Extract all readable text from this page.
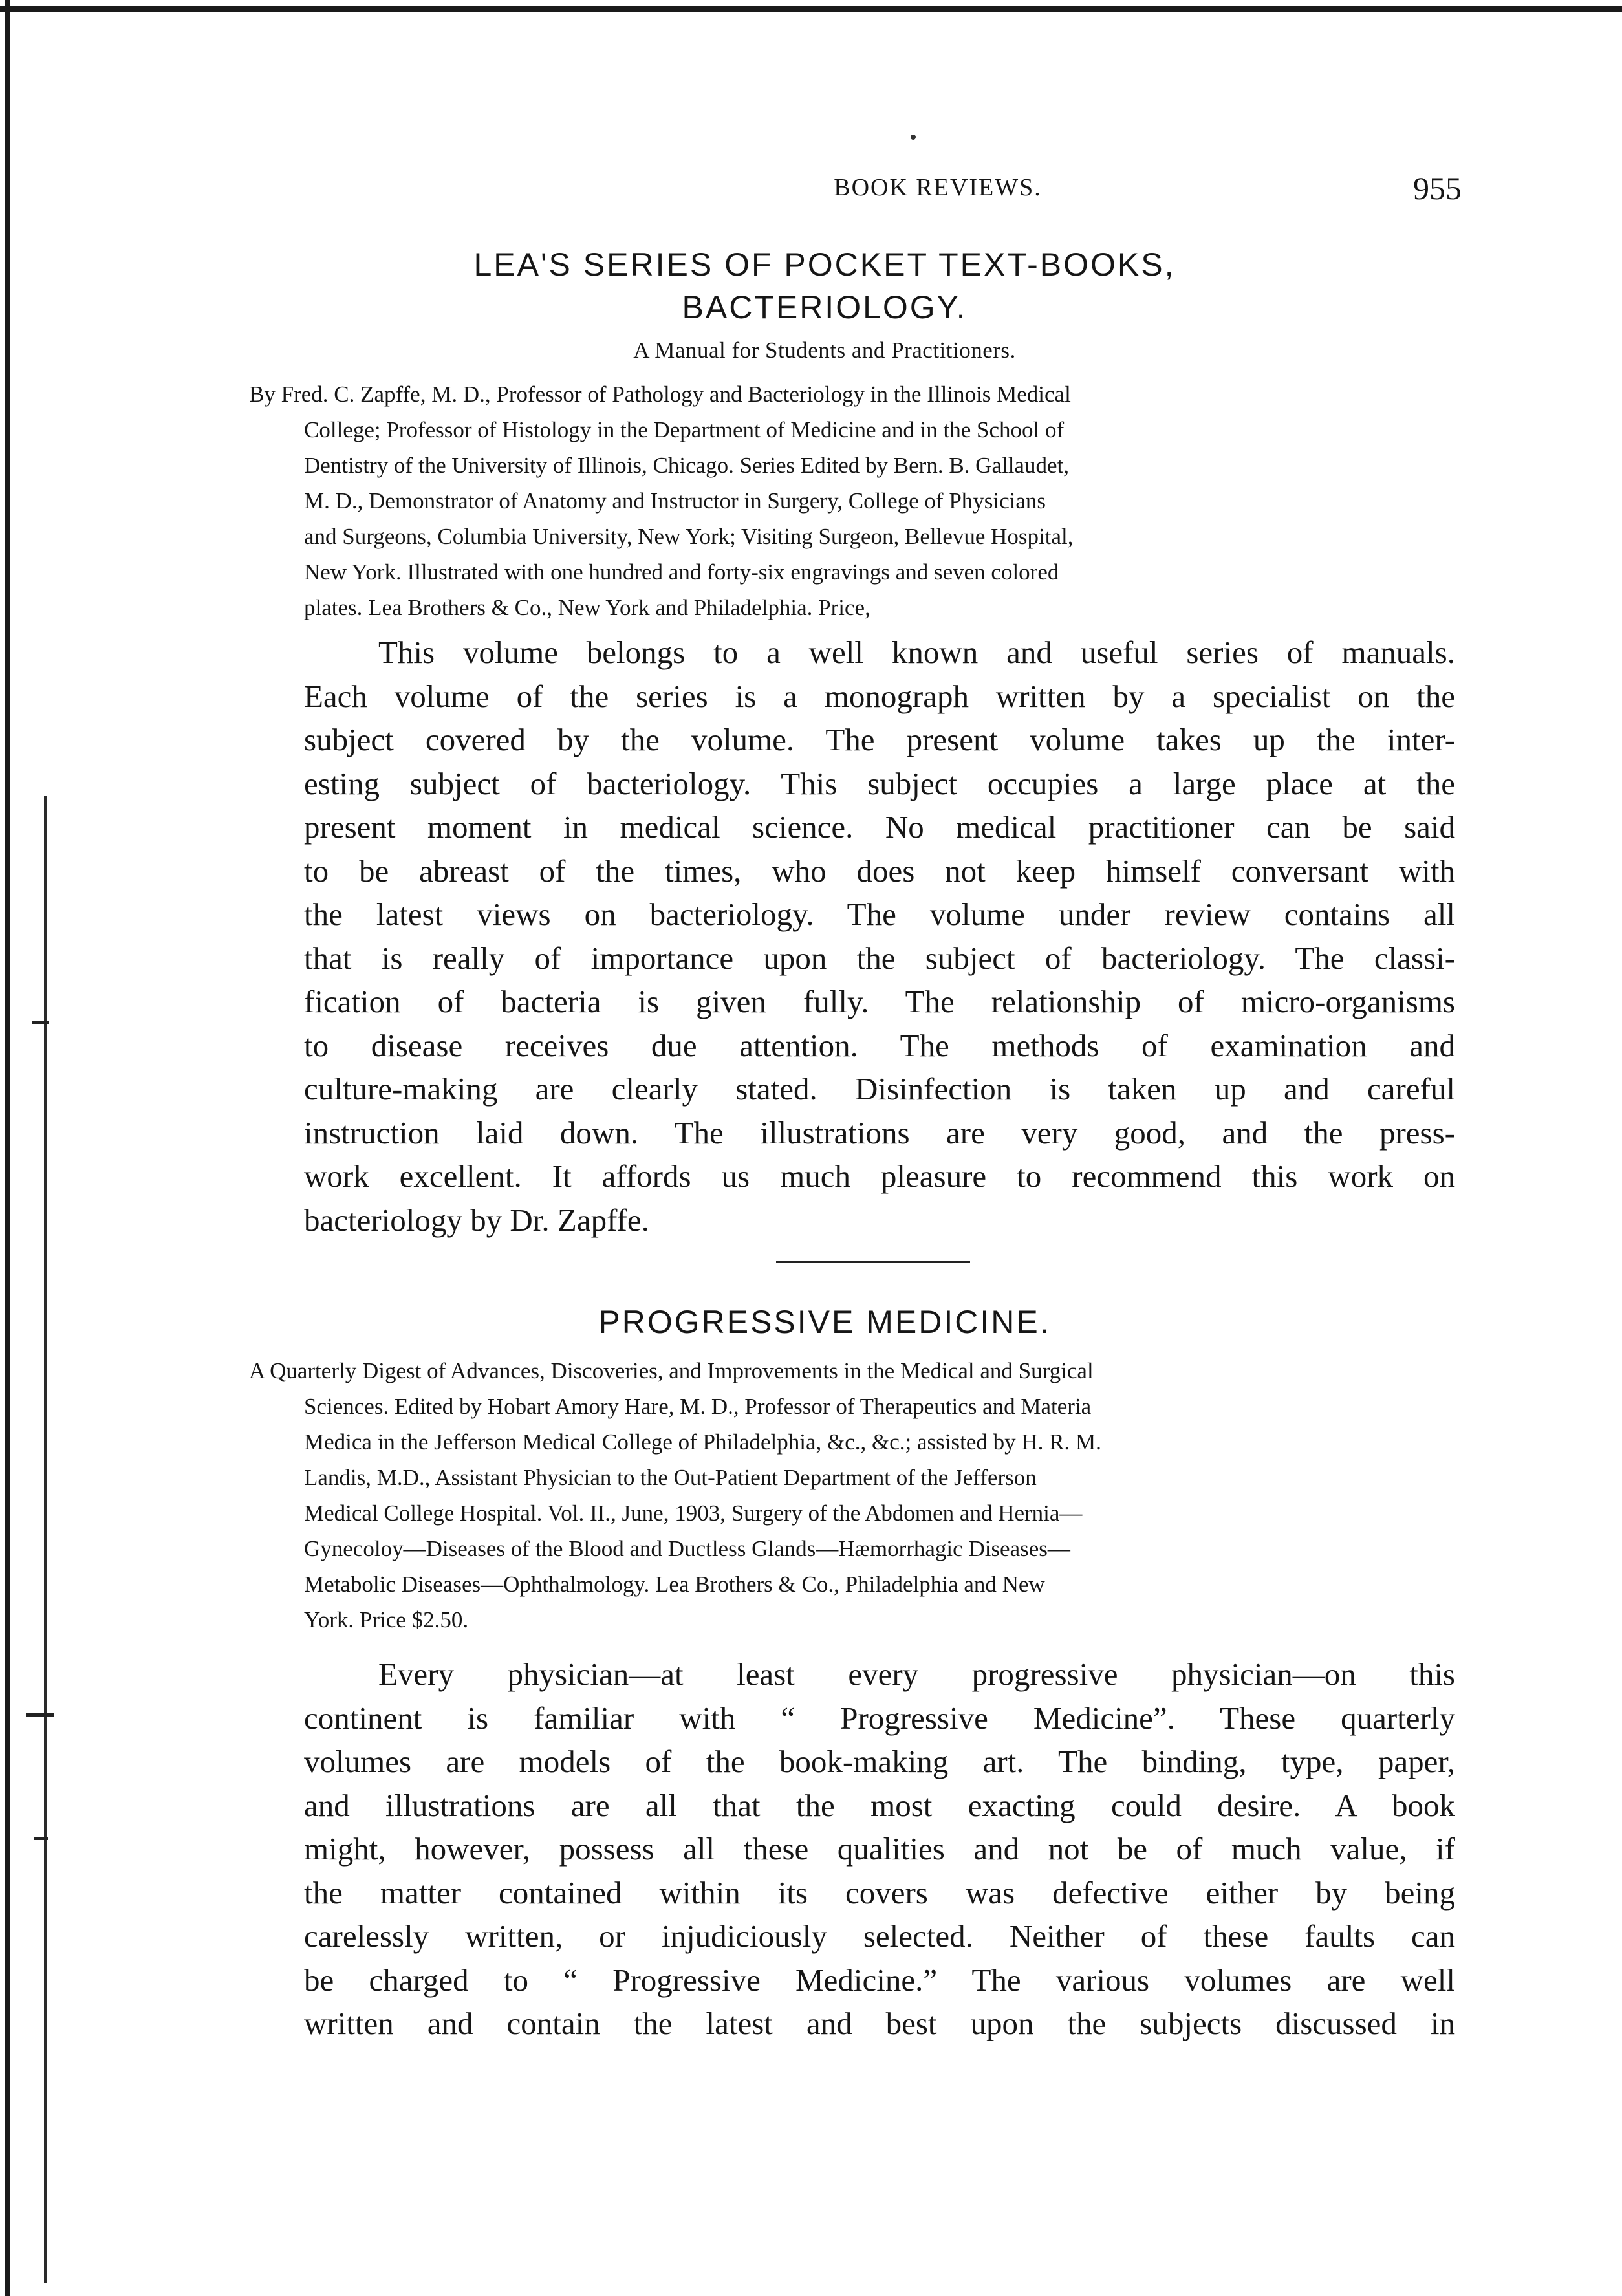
BOOK REVIEWS.	955
LEA'S SERIES OF POCKET TEXT-BOOKS,
BACTERIOLOGY.
A Manual for Students and Practitioners.
By Fred. C. Zapffe, M. D., Professor of Pathology and Bacteriology in the Illinois Medical
College; Professor of Histology in the Department of Medicine and in the School of
Dentistry of the University of Illinois, Chicago. Series Edited by Bern. B. Gallaudet,
M. D., Demonstrator of Anatomy and Instructor in Surgery, College of Physicians
and Surgeons, Columbia University, New York; Visiting Surgeon, Bellevue Hospital,
New York. Illustrated with one hundred and forty-six engravings and seven colored
plates. Lea Brothers & Co., New York and Philadelphia. Price,
This volume belongs to a well known and useful series of manuals.
Each volume of the series is a monograph written by a specialist on the
subject covered by the volume. The present volume takes up the inter-
esting subject of bacteriology. This subject occupies a large place at the
present moment in medical science. No medical practitioner can be said
to be abreast of the times, who does not keep himself conversant with
the latest views on bacteriology. The volume under review contains all
that is really of importance upon the subject of bacteriology. The classi-
fication of bacteria is given fully. The relationship of micro-organisms
to disease receives due attention. The methods of examination and
culture-making are clearly stated. Disinfection is taken up and careful
instruction laid down. The illustrations are very good, and the press-
work excellent. It affords us much pleasure to recommend this work on
bacteriology by Dr. Zapffe.
PROGRESSIVE MEDICINE.
A Quarterly Digest of Advances, Discoveries, and Improvements in the Medical and Surgical
Sciences. Edited by Hobart Amory Hare, M. D., Professor of Therapeutics and Materia
Medica in the Jefferson Medical College of Philadelphia, &c., &c.; assisted by H. R. M.
Landis, M.D., Assistant Physician to the Out-Patient Department of the Jefferson
Medical College Hospital. Vol. II., June, 1903, Surgery of the Abdomen and Hernia—
Gynecoloy—Diseases of the Blood and Ductless Glands—Hæmorrhagic Diseases—
Metabolic Diseases—Ophthalmology. Lea Brothers & Co., Philadelphia and New
York. Price $2.50.
Every physician—at least every progressive physician—on this
continent is familiar with “ Progressive Medicine”. These quarterly
volumes are models of the book-making art. The binding, type, paper,
and illustrations are all that the most exacting could desire. A book
might, however, possess all these qualities and not be of much value, if
the matter contained within its covers was defective either by being
carelessly written, or injudiciously selected. Neither of these faults can
be charged to “ Progressive Medicine.” The various volumes are well
written and contain the latest and best upon the subjects discussed in
